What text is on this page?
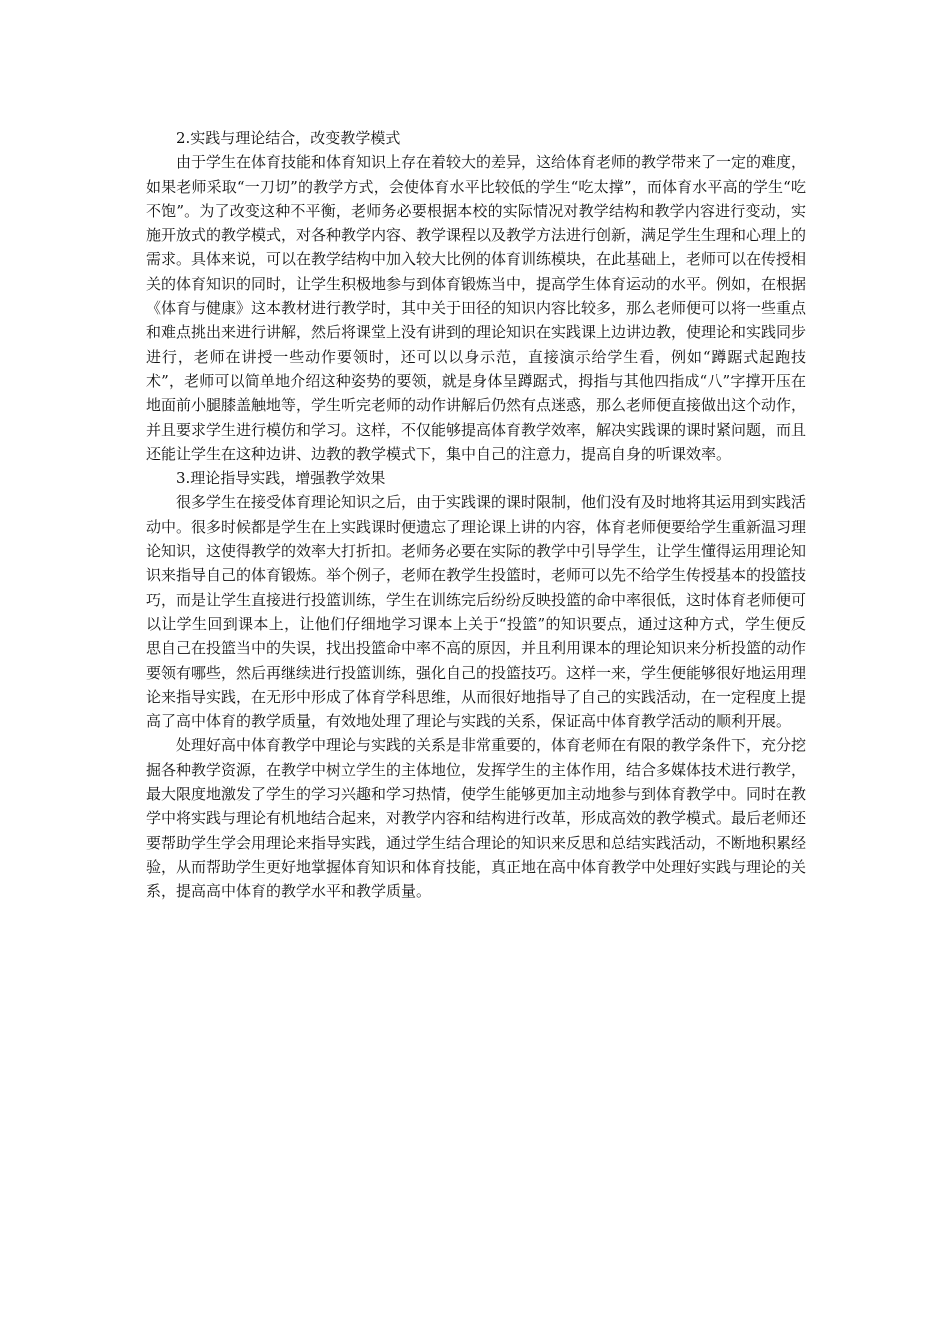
2.实践与理论结合，改变教学模式

由于学生在体育技能和体育知识上存在着较大的差异，这给体育老师的教学带来了一定的难度，如果老师采取“一刀切”的教学方式，会使体育水平比较低的学生“吃太撑”，而体育水平高的学生“吃不饱”。为了改变这种不平衡，老师务必要根据本校的实际情况对教学结构和教学内容进行变动，实施开放式的教学模式，对各种教学内容、教学课程以及教学方法进行创新，满足学生生理和心理上的需求。具体来说，可以在教学结构中加入较大比例的体育训练模块，在此基础上，老师可以在传授相关的体育知识的同时，让学生积极地参与到体育锻炼当中，提高学生体育运动的水平。例如，在根据《体育与健康》这本教材进行教学时，其中关于田径的知识内容比较多，那么老师便可以将一些重点和难点挑出来进行讲解，然后将课堂上没有讲到的理论知识在实践课上边讲边教，使理论和实践同步进行，老师在讲授一些动作要领时，还可以以身示范，直接演示给学生看，例如“蹲踞式起跑技术”，老师可以简单地介绍这种姿势的要领，就是身体呈蹲踞式，拇指与其他四指成“八”字撑开压在地面前小腿膝盖触地等，学生听完老师的动作讲解后仍然有点迷惑，那么老师便直接做出这个动作，并且要求学生进行模仿和学习。这样，不仅能够提高体育教学效率，解决实践课的课时紧问题，而且还能让学生在这种边讲、边教的教学模式下，集中自己的注意力，提高自身的听课效率。

3.理论指导实践，增强教学效果

很多学生在接受体育理论知识之后，由于实践课的课时限制，他们没有及时地将其运用到实践活动中。很多时候都是学生在上实践课时便遗忘了理论课上讲的内容，体育老师便要给学生重新温习理论知识，这使得教学的效率大打折扣。老师务必要在实际的教学中引导学生，让学生懂得运用理论知识来指导自己的体育锻炼。举个例子，老师在教学生投篮时，老师可以先不给学生传授基本的投篮技巧，而是让学生直接进行投篮训练，学生在训练完后纷纷反映投篮的命中率很低，这时体育老师便可以让学生回到课本上，让他们仔细地学习课本上关于“投篮”的知识要点，通过这种方式，学生便反思自己在投篮当中的失误，找出投篮命中率不高的原因，并且利用课本的理论知识来分析投篮的动作要领有哪些，然后再继续进行投篮训练，强化自己的投篮技巧。这样一来，学生便能够很好地运用理论来指导实践，在无形中形成了体育学科思维，从而很好地指导了自己的实践活动，在一定程度上提高了高中体育的教学质量，有效地处理了理论与实践的关系，保证高中体育教学活动的顺利开展。

处理好高中体育教学中理论与实践的关系是非常重要的，体育老师在有限的教学条件下，充分挖掘各种教学资源，在教学中树立学生的主体地位，发挥学生的主体作用，结合多媒体技术进行教学，最大限度地激发了学生的学习兴趣和学习热情，使学生能够更加主动地参与到体育教学中。同时在教学中将实践与理论有机地结合起来，对教学内容和结构进行改革，形成高效的教学模式。最后老师还要帮助学生学会用理论来指导实践，通过学生结合理论的知识来反思和总结实践活动，不断地积累经验，从而帮助学生更好地掌握体育知识和体育技能，真正地在高中体育教学中处理好实践与理论的关系，提高高中体育的教学水平和教学质量。
